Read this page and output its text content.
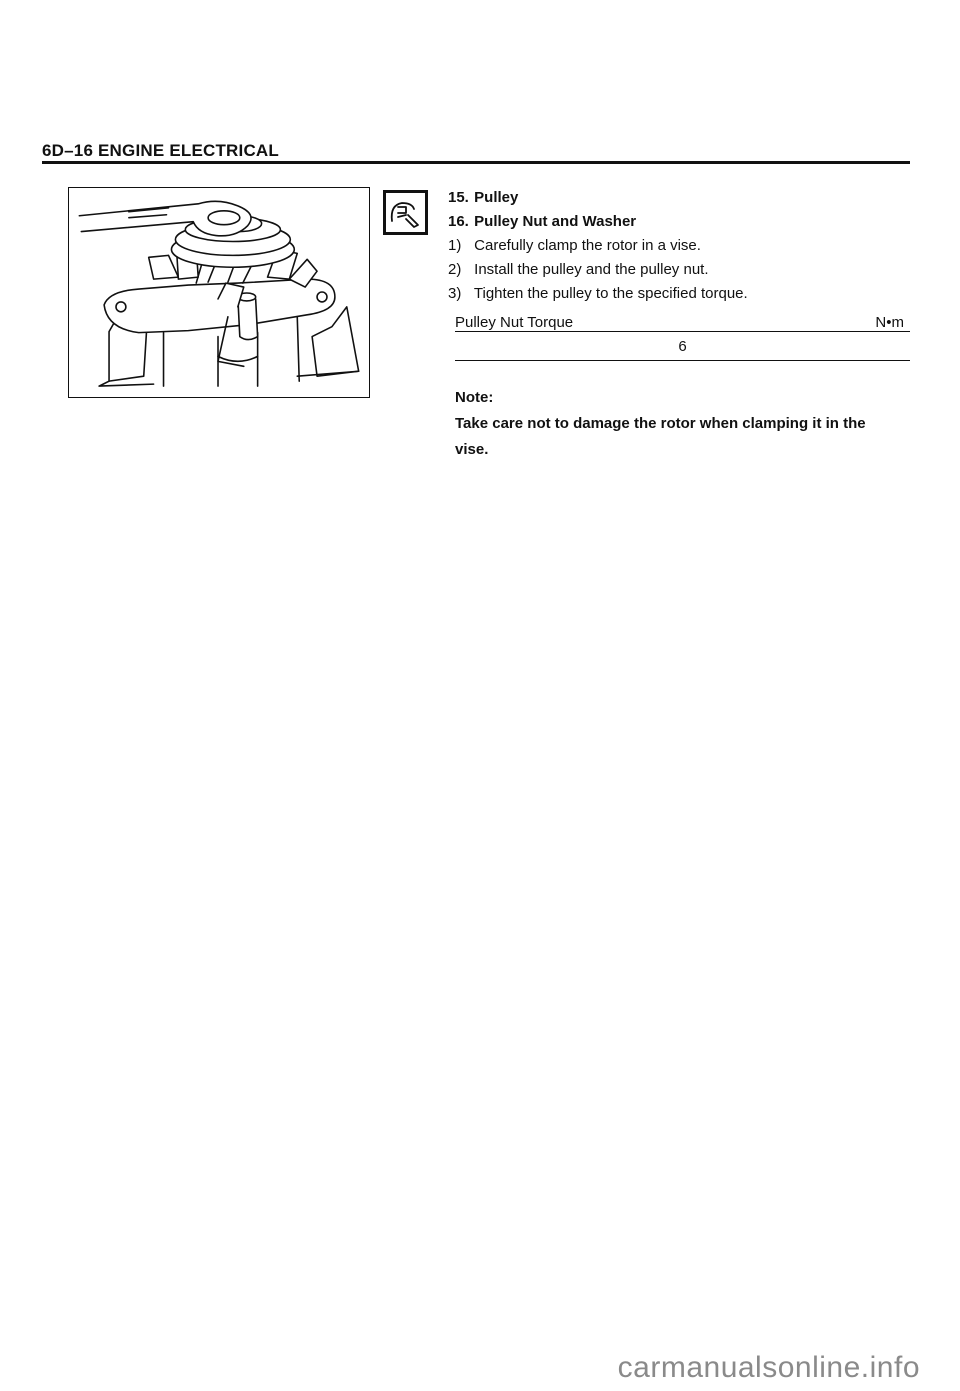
6D–16 ENGINE ELECTRICAL
15. Pulley
16. Pulley Nut and Washer
1) Carefully clamp the rotor in a vise.
2) Install the pulley and the pulley nut.
3) Tighten the pulley to the specified torque.
Pulley Nut Torque	N•m
6
Note:
Take care not to damage the rotor when clamping it in the vise.
carmanualsonline.info
